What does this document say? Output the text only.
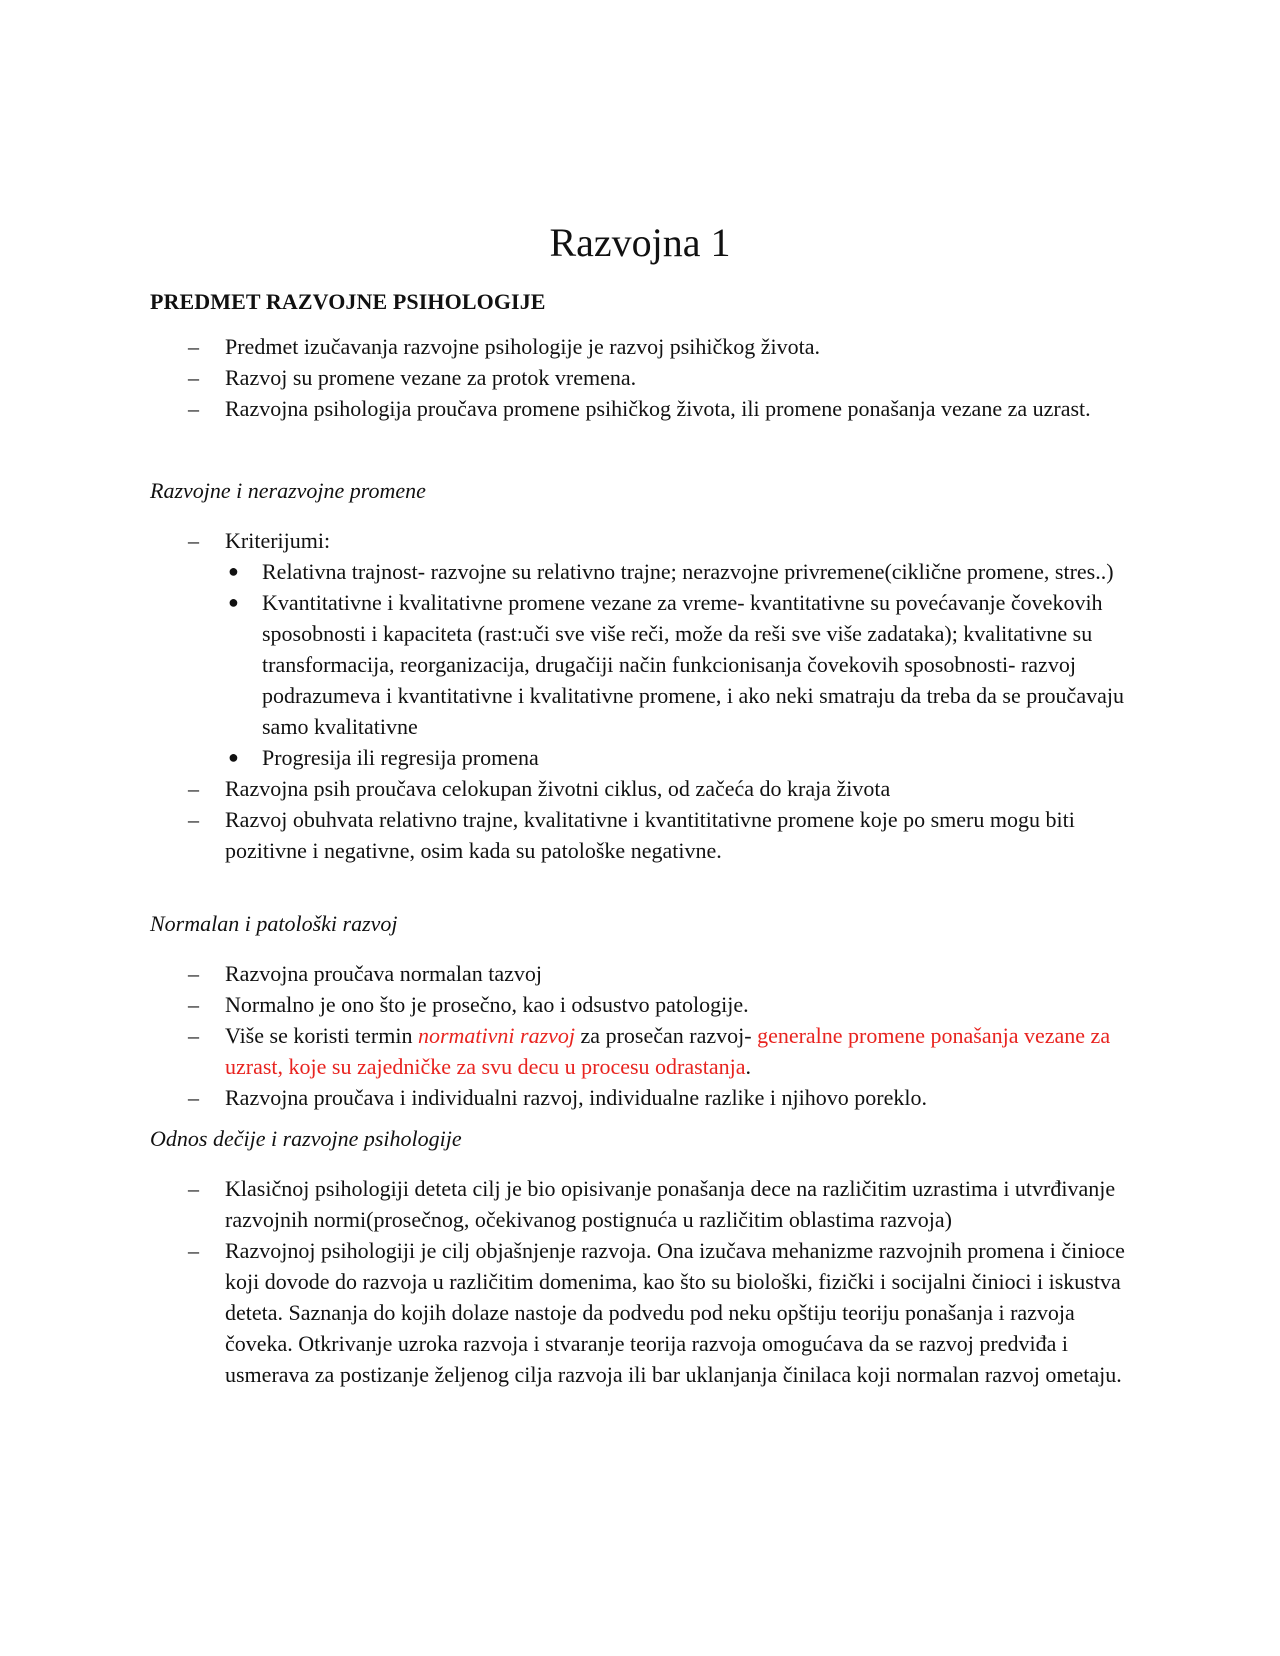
Razvojna 1
PREDMET RAZVOJNE PSIHOLOGIJE
– Predmet izučavanja razvojne psihologije je razvoj psihičkog života.
– Razvoj su promene vezane za protok vremena.
– Razvojna psihologija proučava promene psihičkog života, ili promene ponašanja vezane za uzrast.
Razvojne i nerazvojne promene
– Kriterijumi:
● Relativna trajnost- razvojne su relativno trajne; nerazvojne privremene(ciklične promene, stres..)
● Kvantitativne i kvalitativne promene vezane za vreme- kvantitativne su povećavanje čovekovih sposobnosti i kapaciteta (rast:uči sve više reči, može da reši sve više zadataka); kvalitativne su transformacija, reorganizacija, drugačiji način funkcionisanja čovekovih sposobnosti- razvoj podrazumeva i kvantitativne i kvalitativne promene, i ako neki smatraju da treba da se proučavaju samo kvalitativne
● Progresija ili regresija promena
– Razvojna psih proučava celokupan životni ciklus, od začeća do kraja života
– Razvoj obuhvata relativno trajne, kvalitativne i kvantititativne promene koje po smeru mogu biti pozitivne i negativne, osim kada su patološke negativne.
Normalan i patološki razvoj
– Razvojna proučava normalan tazvoj
– Normalno je ono što je prosečno, kao i odsustvo patologije.
– Više se koristi termin normativni razvoj za prosečan razvoj- generalne promene ponašanja vezane za uzrast, koje su zajedničke za svu decu u procesu odrastanja.
– Razvojna proučava i individualni razvoj, individualne razlike i njihovo poreklo.
Odnos dečije i razvojne psihologije
– Klasičnoj psihologiji deteta cilj je bio opisivanje ponašanja dece na različitim uzrastima i utvrđivanje razvojnih normi(prosečnog, očekivanog postignuća u različitim oblastima razvoja)
– Razvojnoj psihologiji je cilj objašnjenje razvoja. Ona izučava mehanizme razvojnih promena i činioce koji dovode do razvoja u različitim domenima, kao što su biološki, fizički i socijalni činioci i iskustva deteta. Saznanja do kojih dolaze nastoje da podvedu pod neku opštiju teoriju ponašanja i razvoja čoveka. Otkrivanje uzroka razvoja i stvaranje teorija razvoja omogućava da se razvoj predviđa i usmerava za postizanje željenog cilja razvoja ili bar uklanjanja činilaca koji normalan razvoj ometaju.
